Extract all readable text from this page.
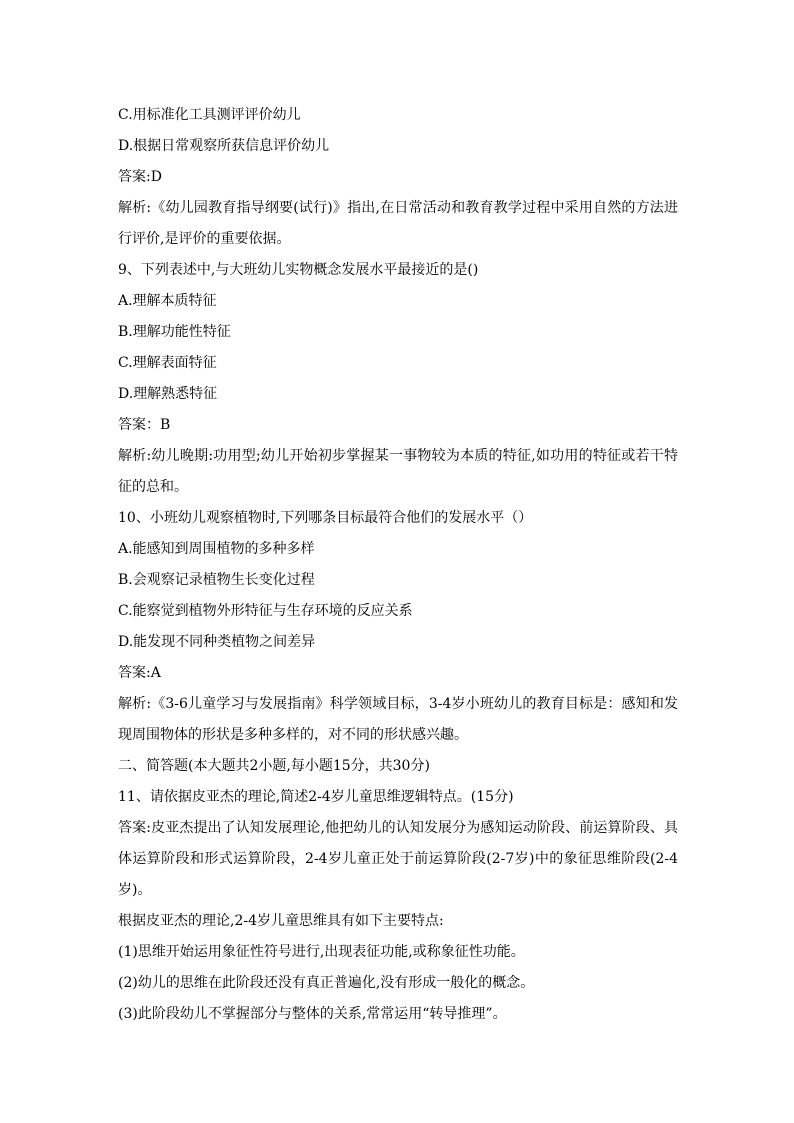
C.用标准化工具测评评价幼儿

D.根据日常观察所获信息评价幼儿

答案:D

解析:《幼儿园教育指导纲要(试行)》指出,在日常活动和教育教学过程中采用自然的方法进行评价,是评价的重要依据。

9、下列表述中,与大班幼儿实物概念发展水平最接近的是()

A.理解本质特征

B.理解功能性特征

C.理解表面特征

D.理解熟悉特征

答案：B

解析:幼儿晚期:功用型;幼儿开始初步掌握某一事物较为本质的特征,如功用的特征或若干特征的总和。

10、小班幼儿观察植物时,下列哪条目标最符合他们的发展水平（）

A.能感知到周围植物的多种多样

B.会观察记录植物生长变化过程

C.能察觉到植物外形特征与生存环境的反应关系

D.能发现不同种类植物之间差异

答案:A

解析:《3-6儿童学习与发展指南》科学领域目标，3-4岁小班幼儿的教育目标是：感知和发现周围物体的形状是多种多样的，对不同的形状感兴趣。

二、简答题(本大题共2小题,每小题15分，共30分)

11、请依据皮亚杰的理论,简述2-4岁儿童思维逻辑特点。(15分)

答案:皮亚杰提出了认知发展理论,他把幼儿的认知发展分为感知运动阶段、前运算阶段、具体运算阶段和形式运算阶段，2-4岁儿童正处于前运算阶段(2-7岁)中的象征思维阶段(2-4岁)。

根据皮亚杰的理论,2-4岁儿童思维具有如下主要特点:

(1)思维开始运用象征性符号进行,出现表征功能,或称象征性功能。

(2)幼儿的思维在此阶段还没有真正普遍化,没有形成一般化的概念。

(3)此阶段幼儿不掌握部分与整体的关系,常常运用“转导推理”。
